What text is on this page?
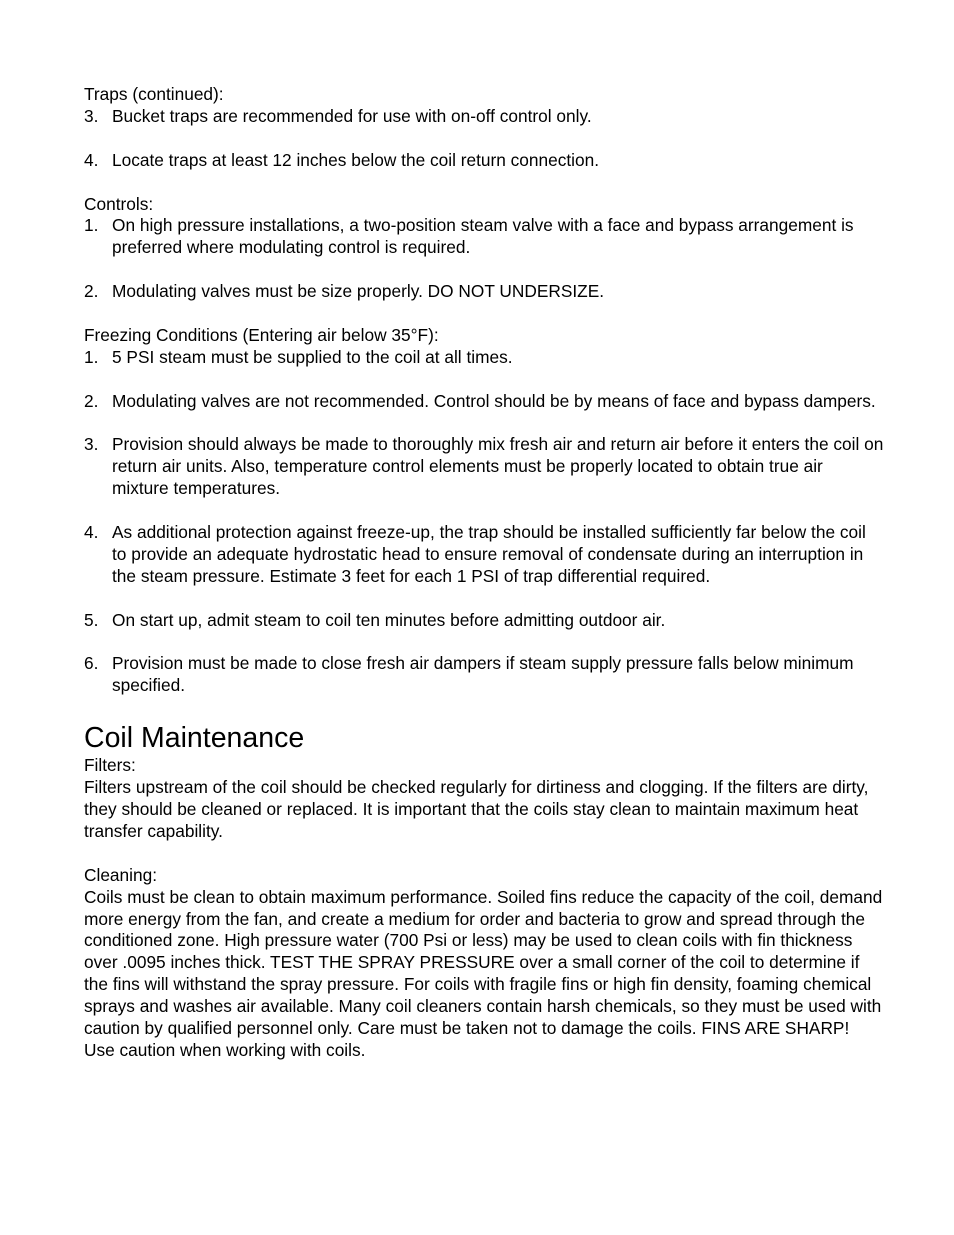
Traps (continued):

3. Bucket traps are recommended for use with on-off control only.
4. Locate traps at least 12 inches below the coil return connection.

Controls:

1. On high pressure installations, a two-position steam valve with a face and bypass arrangement is preferred where modulating control is required.
2. Modulating valves must be size properly. DO NOT UNDERSIZE.

Freezing Conditions (Entering air below 35°F):

1. 5 PSI steam must be supplied to the coil at all times.
2. Modulating valves are not recommended. Control should be by means of face and bypass dampers.
3. Provision should always be made to thoroughly mix fresh air and return air before it enters the coil on return air units. Also, temperature control elements must be properly located to obtain true air mixture temperatures.
4. As additional protection against freeze-up, the trap should be installed sufficiently far below the coil to provide an adequate hydrostatic head to ensure removal of condensate during an interruption in the steam pressure. Estimate 3 feet for each 1 PSI of trap differential required.
5. On start up, admit steam to coil ten minutes before admitting outdoor air.
6. Provision must be made to close fresh air dampers if steam supply pressure falls below minimum specified.
Coil Maintenance

Filters:

Filters upstream of the coil should be checked regularly for dirtiness and clogging. If the filters are dirty, they should be cleaned or replaced. It is important that the coils stay clean to maintain maximum heat transfer capability.

Cleaning:

Coils must be clean to obtain maximum performance. Soiled fins reduce the capacity of the coil, demand more energy from the fan, and create a medium for order and bacteria to grow and spread through the conditioned zone. High pressure water (700 Psi or less) may be used to clean coils with fin thickness over .0095 inches thick. TEST THE SPRAY PRESSURE over a small corner of the coil to determine if the fins will withstand the spray pressure. For coils with fragile fins or high fin density, foaming chemical sprays and washes air available. Many coil cleaners contain harsh chemicals, so they must be used with caution by qualified personnel only. Care must be taken not to damage the coils. FINS ARE SHARP! Use caution when working with coils.
